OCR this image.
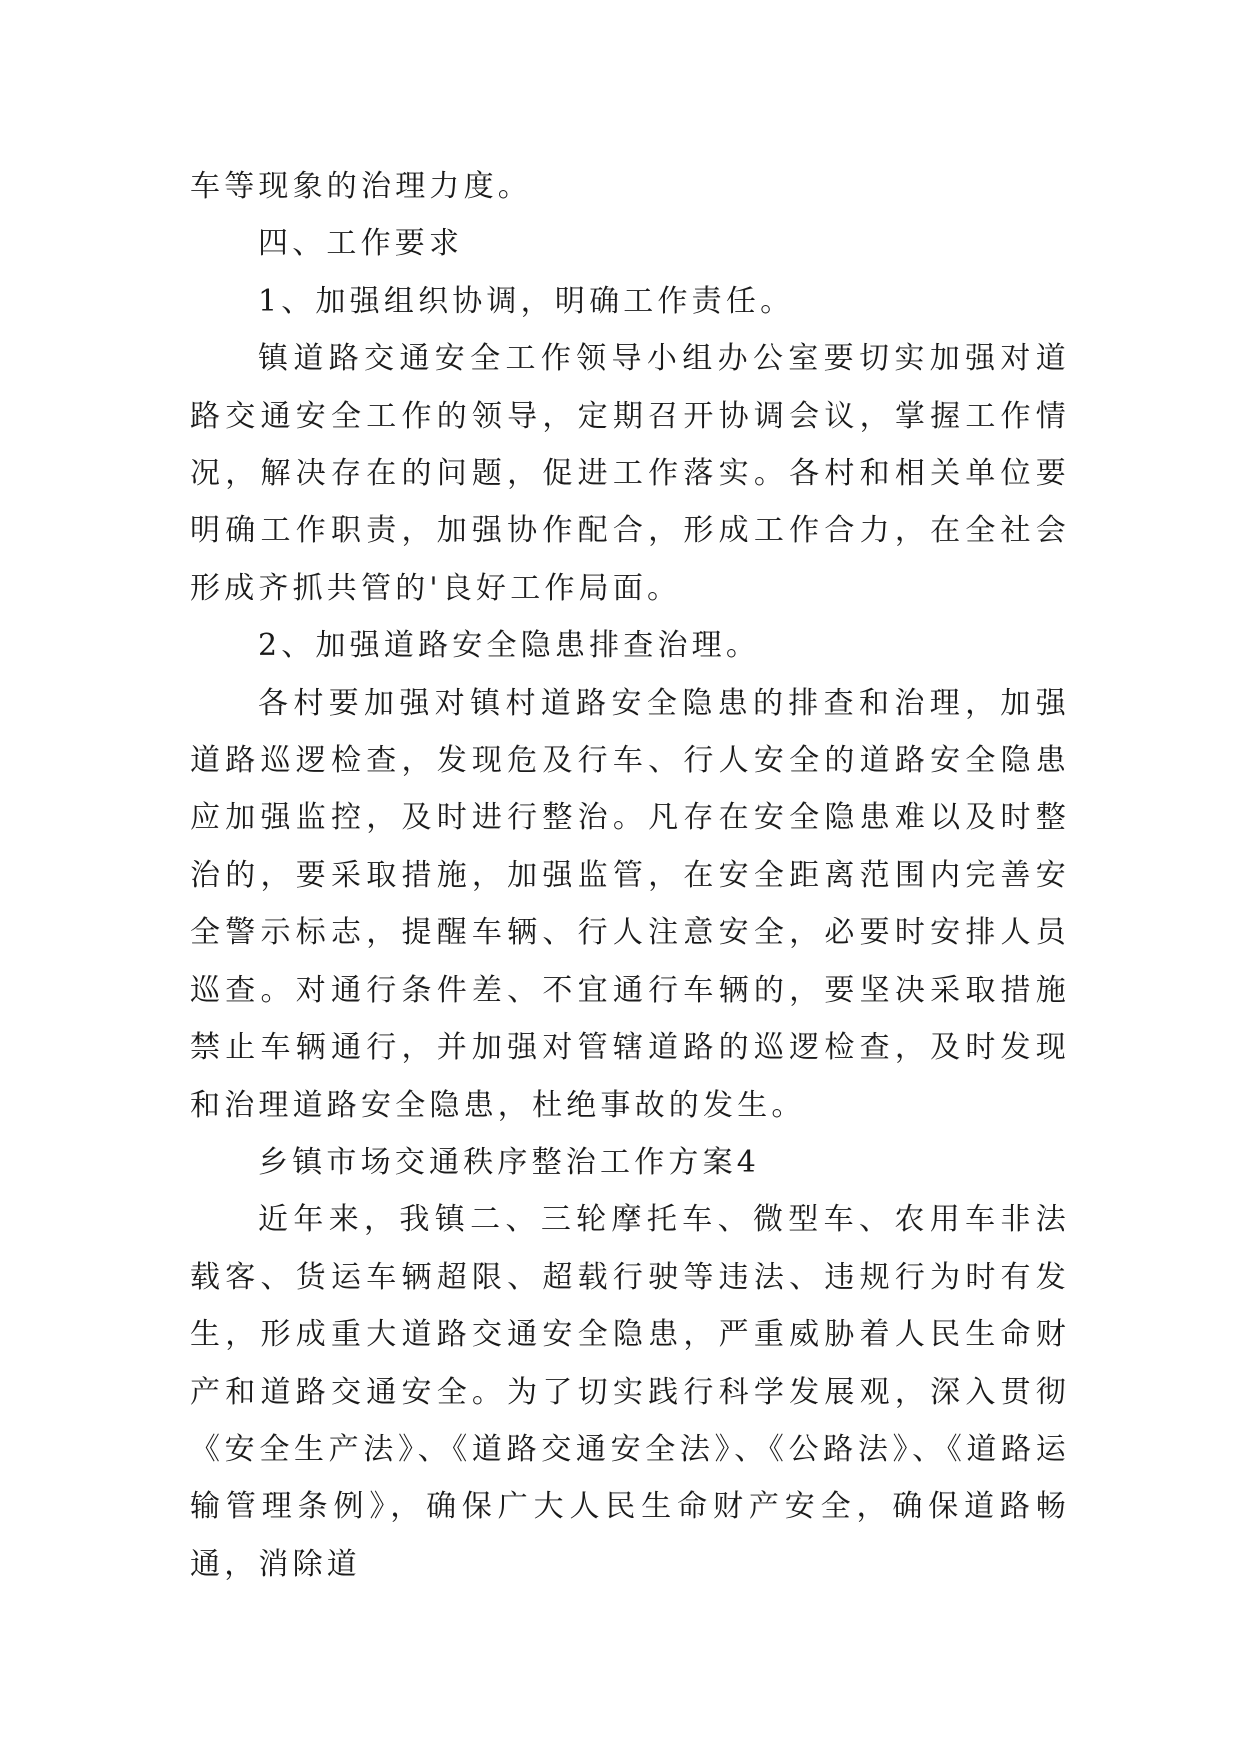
车等现象的治理力度。

四、工作要求

1、加强组织协调，明确工作责任。

镇道路交通安全工作领导小组办公室要切实加强对道路交通安全工作的领导，定期召开协调会议，掌握工作情况，解决存在的问题，促进工作落实。各村和相关单位要明确工作职责，加强协作配合，形成工作合力，在全社会形成齐抓共管的'良好工作局面。

2、加强道路安全隐患排查治理。

各村要加强对镇村道路安全隐患的排查和治理，加强道路巡逻检查，发现危及行车、行人安全的道路安全隐患应加强监控，及时进行整治。凡存在安全隐患难以及时整治的，要采取措施，加强监管，在安全距离范围内完善安全警示标志，提醒车辆、行人注意安全，必要时安排人员巡查。对通行条件差、不宜通行车辆的，要坚决采取措施禁止车辆通行，并加强对管辖道路的巡逻检查，及时发现和治理道路安全隐患，杜绝事故的发生。

乡镇市场交通秩序整治工作方案4

近年来，我镇二、三轮摩托车、微型车、农用车非法载客、货运车辆超限、超载行驶等违法、违规行为时有发生，形成重大道路交通安全隐患，严重威胁着人民生命财产和道路交通安全。为了切实践行科学发展观，深入贯彻《安全生产法》、《道路交通安全法》、《公路法》、《道路运输管理条例》，确保广大人民生命财产安全，确保道路畅通，消除道
